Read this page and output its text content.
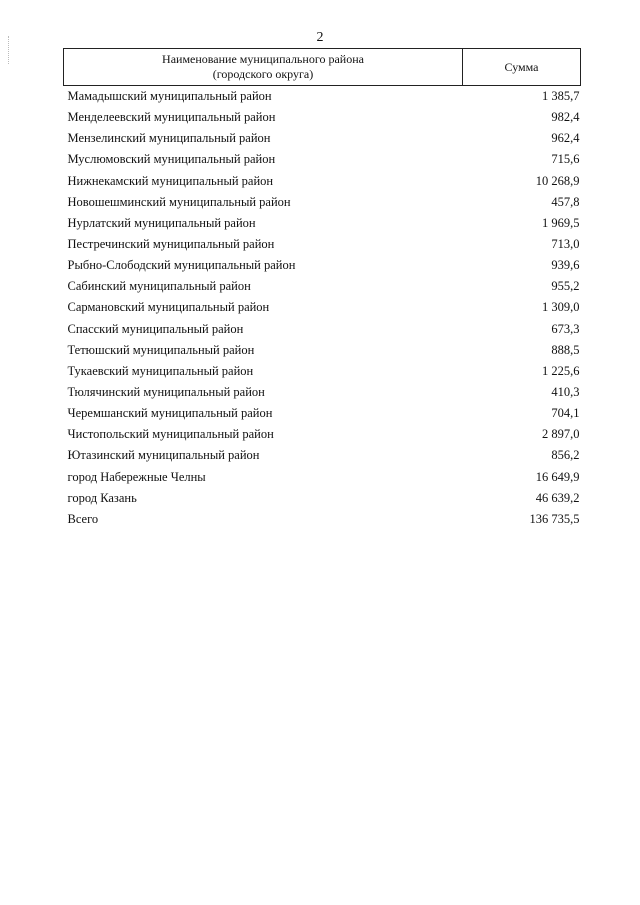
2
Наименование муниципального района
(городского округа)	Сумма
Мамадышский муниципальный район	1 385,7
Менделеевский муниципальный район	982,4
Мензелинский муниципальный район	962,4
Муслюмовский муниципальный район	715,6
Нижнекамский муниципальный район	10 268,9
Новошешминский муниципальный район	457,8
Нурлатский муниципальный район	1 969,5
Пестречинский муниципальный район	713,0
Рыбно-Слободский муниципальный район	939,6
Сабинский муниципальный район	955,2
Сармановский муниципальный район	1 309,0
Спасский муниципальный район	673,3
Тетюшский муниципальный район	888,5
Тукаевский муниципальный район	1 225,6
Тюлячинский муниципальный район	410,3
Черемшанский муниципальный район	704,1
Чистопольский муниципальный район	2 897,0
Ютазинский муниципальный район	856,2
город Набережные Челны	16 649,9
город Казань	46 639,2
Всего	136 735,5
